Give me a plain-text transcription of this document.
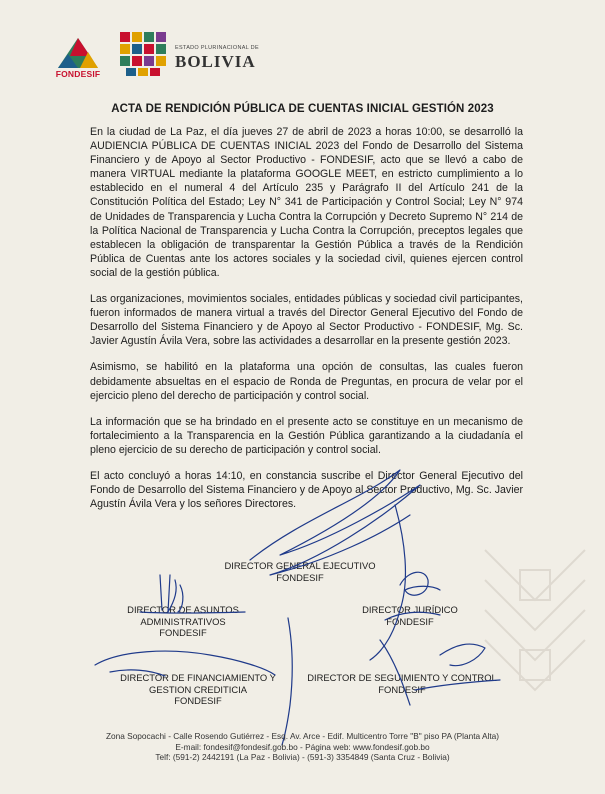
FONDESIF
ESTADO PLURINACIONAL DE
BOLIVIA
ACTA DE RENDICIÓN PÚBLICA DE CUENTAS INICIAL GESTIÓN 2023

En la ciudad de La Paz, el día jueves 27 de abril de 2023 a horas 10:00, se desarrolló la AUDIENCIA PÚBLICA DE CUENTAS INICIAL 2023 del Fondo de Desarrollo del Sistema Financiero y de Apoyo al Sector Productivo - FONDESIF, acto que se llevó a cabo de manera VIRTUAL mediante la plataforma GOOGLE MEET, en estricto cumplimiento a lo establecido en el numeral 4 del Artículo 235 y Parágrafo II del Artículo 241 de la Constitución Política del Estado; Ley N° 341 de Participación y Control Social; Ley N° 974 de Unidades de Transparencia y Lucha Contra la Corrupción y Decreto Supremo N° 214 de la Política Nacional de Transparencia y Lucha Contra la Corrupción, preceptos legales que establecen la obligación de transparentar la Gestión Pública a través de la Rendición Pública de Cuentas ante los actores sociales y la sociedad civil, quienes ejercen control social de la gestión pública.

Las organizaciones, movimientos sociales, entidades públicas y sociedad civil participantes, fueron informados de manera virtual a través del Director General Ejecutivo del Fondo de Desarrollo del Sistema Financiero y de Apoyo al Sector Productivo - FONDESIF, Mg. Sc. Javier Agustín Ávila Vera, sobre las actividades a desarrollar en la presente gestión 2023.

Asimismo, se habilitó en la plataforma una opción de consultas, las cuales fueron debidamente absueltas en el espacio de Ronda de Preguntas, en procura de velar por el ejercicio pleno del derecho de participación y control social.

La información que se ha brindado en el presente acto se constituye en un mecanismo de fortalecimiento a la Transparencia en la Gestión Pública garantizando a la ciudadanía el pleno ejercicio de su derecho de participación y control social.

El acto concluyó a horas 14:10, en constancia suscribe el Director General Ejecutivo del Fondo de Desarrollo del Sistema Financiero y de Apoyo al Sector Productivo, Mg. Sc. Javier Agustín Ávila Vera y los señores Directores.

DIRECTOR GENERAL EJECUTIVO
FONDESIF
DIRECTOR DE ASUNTOS
ADMINISTRATIVOS
FONDESIF
DIRECTOR JURÍDICO
FONDESIF
DIRECTOR DE FINANCIAMIENTO Y
GESTION CREDITICIA
FONDESIF
DIRECTOR DE SEGUIMIENTO Y CONTROL
FONDESIF
Zona Sopocachi - Calle Rosendo Gutiérrez - Esq. Av. Arce - Edif. Multicentro Torre "B" piso PA (Planta Alta)
E-mail: fondesif@fondesif.gob.bo - Página web: www.fondesif.gob.bo
Telf: (591-2) 2442191 (La Paz - Bolivia) - (591-3) 3354849 (Santa Cruz - Bolivia)
